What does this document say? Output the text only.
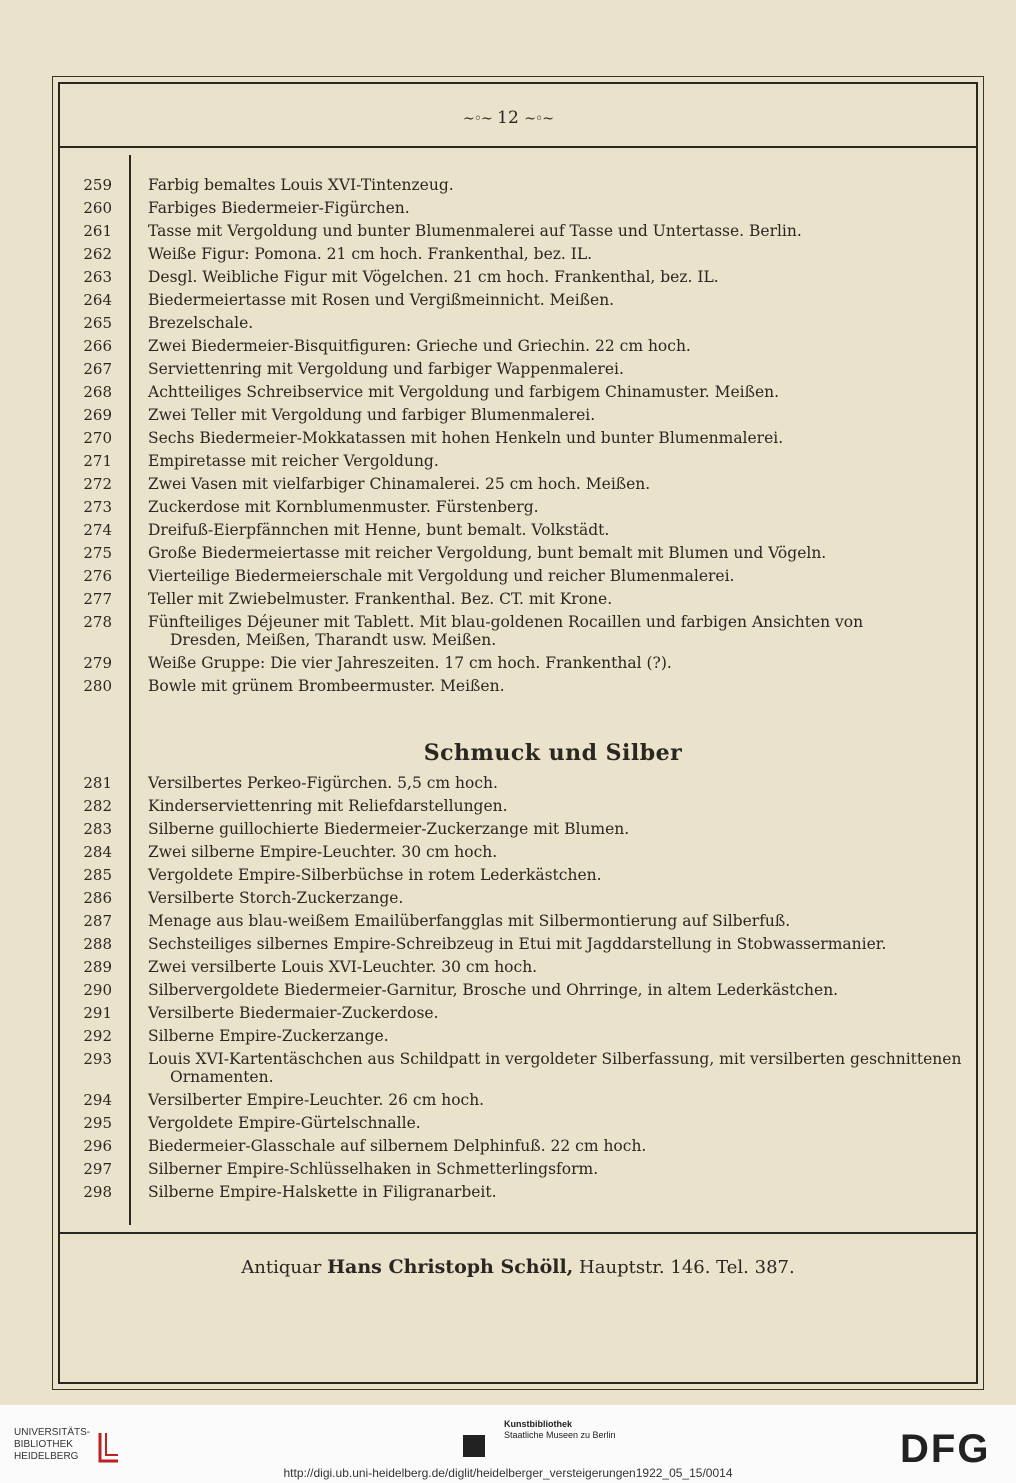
~◦~ 12 ~◦~
259 Farbig bemaltes Louis XVI-Tintenzeug.
260 Farbiges Biedermeier-Figürchen.
261 Tasse mit Vergoldung und bunter Blumenmalerei auf Tasse und Untertasse. Berlin.
262 Weiße Figur: Pomona. 21 cm hoch. Frankenthal, bez. IL.
263 Desgl. Weibliche Figur mit Vögelchen. 21 cm hoch. Frankenthal, bez. IL.
264 Biedermeiertasse mit Rosen und Vergißmeinnicht. Meißen.
265 Brezelschale.
266 Zwei Biedermeier-Bisquitfiguren: Grieche und Griechin. 22 cm hoch.
267 Serviettenring mit Vergoldung und farbiger Wappenmalerei.
268 Achtteiliges Schreibservice mit Vergoldung und farbigem Chinamuster. Meißen.
269 Zwei Teller mit Vergoldung und farbiger Blumenmalerei.
270 Sechs Biedermeier-Mokkatassen mit hohen Henkeln und bunter Blumenmalerei.
271 Empiretasse mit reicher Vergoldung.
272 Zwei Vasen mit vielfarbiger Chinamalerei. 25 cm hoch. Meißen.
273 Zuckerdose mit Kornblumenmuster. Fürstenberg.
274 Dreifuß-Eierpfännchen mit Henne, bunt bemalt. Volkstädt.
275 Große Biedermeiertasse mit reicher Vergoldung, bunt bemalt mit Blumen und Vögeln.
276 Vierteilige Biedermeierschale mit Vergoldung und reicher Blumenmalerei.
277 Teller mit Zwiebelmuster. Frankenthal. Bez. CT. mit Krone.
278 Fünfteiliges Déjeuner mit Tablett. Mit blau-goldenen Rocaillen und farbigen Ansichten von
Dresden, Meißen, Tharandt usw. Meißen.
279 Weiße Gruppe: Die vier Jahreszeiten. 17 cm hoch. Frankenthal (?).
280 Bowle mit grünem Brombeermuster. Meißen.
Schmuck und Silber
281 Versilbertes Perkeo-Figürchen. 5,5 cm hoch.
282 Kinderserviettenring mit Reliefdarstellungen.
283 Silberne guillochierte Biedermeier-Zuckerzange mit Blumen.
284 Zwei silberne Empire-Leuchter. 30 cm hoch.
285 Vergoldete Empire-Silberbüchse in rotem Lederkästchen.
286 Versilberte Storch-Zuckerzange.
287 Menage aus blau-weißem Emailüberfangglas mit Silbermontierung auf Silberfuß.
288 Sechsteiliges silbernes Empire-Schreibzeug in Etui mit Jagddarstellung in Stobwassermanier.
289 Zwei versilberte Louis XVI-Leuchter. 30 cm hoch.
290 Silbervergoldete Biedermeier-Garnitur, Brosche und Ohrringe, in altem Lederkästchen.
291 Versilberte Biedermaier-Zuckerdose.
292 Silberne Empire-Zuckerzange.
293 Louis XVI-Kartentäschchen aus Schildpatt in vergoldeter Silberfassung, mit versilberten geschnittenen
Ornamenten.
294 Versilberter Empire-Leuchter. 26 cm hoch.
295 Vergoldete Empire-Gürtelschnalle.
296 Biedermeier-Glasschale auf silbernem Delphinfuß. 22 cm hoch.
297 Silberner Empire-Schlüsselhaken in Schmetterlingsform.
298 Silberne Empire-Halskette in Filigranarbeit.
Antiquar Hans Christoph Schöll, Hauptstr. 146. Tel. 387.
UNIVERSITÄTS-
BIBLIOTHEK
HEIDELBERG
Kunstbibliothek
Staatliche Museen zu Berlin	DFG
http://digi.ub.uni-heidelberg.de/diglit/heidelberger_versteigerungen1922_05_15/0014
